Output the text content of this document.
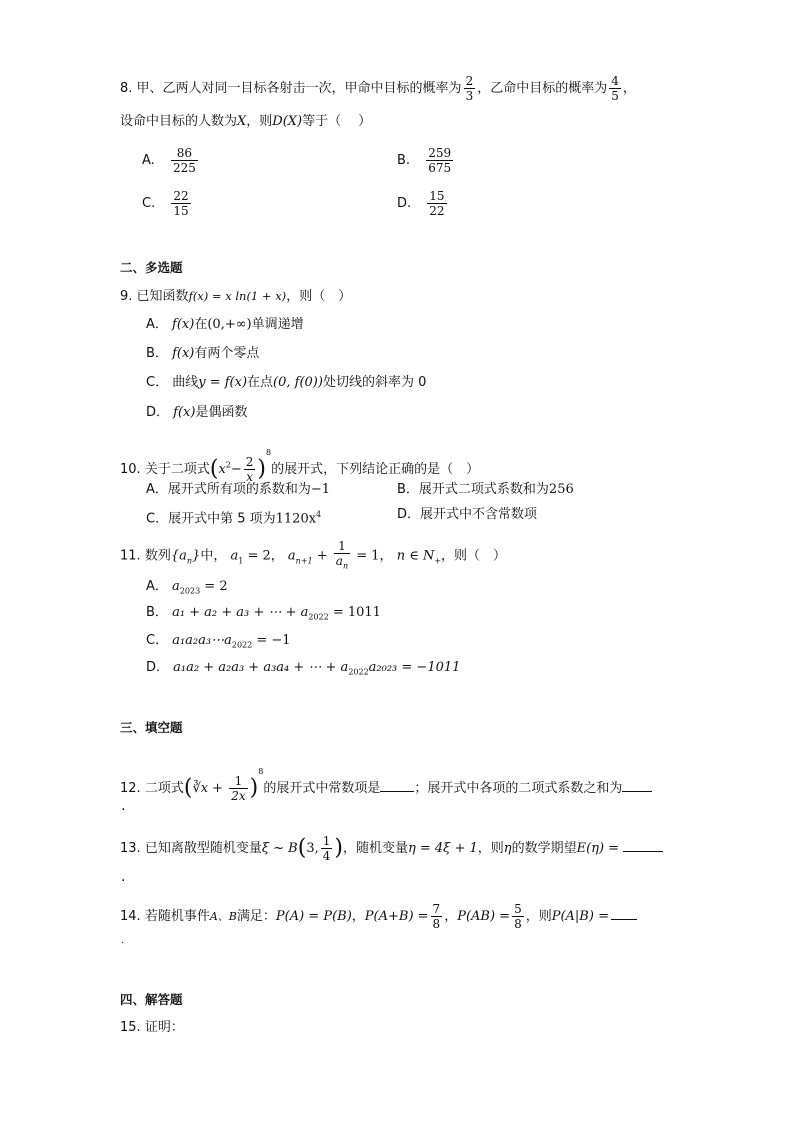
8. 甲、乙两人对同一目标各射击一次，甲命中目标的概率为 $\frac{2}{3}$ ，乙命中目标的概率为 $\frac{4}{5}$ ，
设命中目标的人数为X，则D(X)等于（　 ）
A. $\frac{86}{225}$	B. $\frac{259}{675}$
C. $\frac{22}{15}$	D. $\frac{15}{22}$
二、多选题
9. 已知函数f(x) = x ln(1 + x)，则（　）
A． f(x)在(0,+∞)单调递增
B． f(x)有两个零点
C． 曲线y = f(x)在点(0, f(0))处切线的斜率为 0
D． f(x)是偶函数
10. 关于二项式$(x^2- \frac{2}{x} )^8$的展开式，下列结论正确的是（　）
A．展开式所有项的系数和为−1	B．展开式二项式系数和为256
C．展开式中第 5 项为$1120x^4$	D．展开式中不含常数项
11. 数列$\{a_n\}$中， $a_1 = 2$， $a_{n+1} + \frac{1}{a_n} = 1$， n ∈ $N_+$，则（　）
A． $a_{2023} = 2$
B． a₁ + a₂ + a₃ + ⋯ + $a_{2022} = 1011$
C． $a_1a_2a_3\cdots a_{2022} = -1$
D． a₁a₂ + a₂a₃ + a₃a₄ + ⋯ + $a_{2022}a_{2023} = -1011$
三、填空题
12. 二项式(∛x + $\frac{1}{2x} )^8$的展开式中常数项是	；展开式中各项的二项式系数之和为
.
13. 已知离散型随机变量ξ ~ B(3, $\frac{1}{4}$ )，随机变量η = 4ξ + 1，则η的数学期望E(η) =
.
14. 若随机事件A、B满足：P(A) = P(B)，$P(A+B) = \frac{7}{8}$ ，$P(AB) = \frac{5}{8}$ ，则P(A|B) =
.
四、解答题
15. 证明：
